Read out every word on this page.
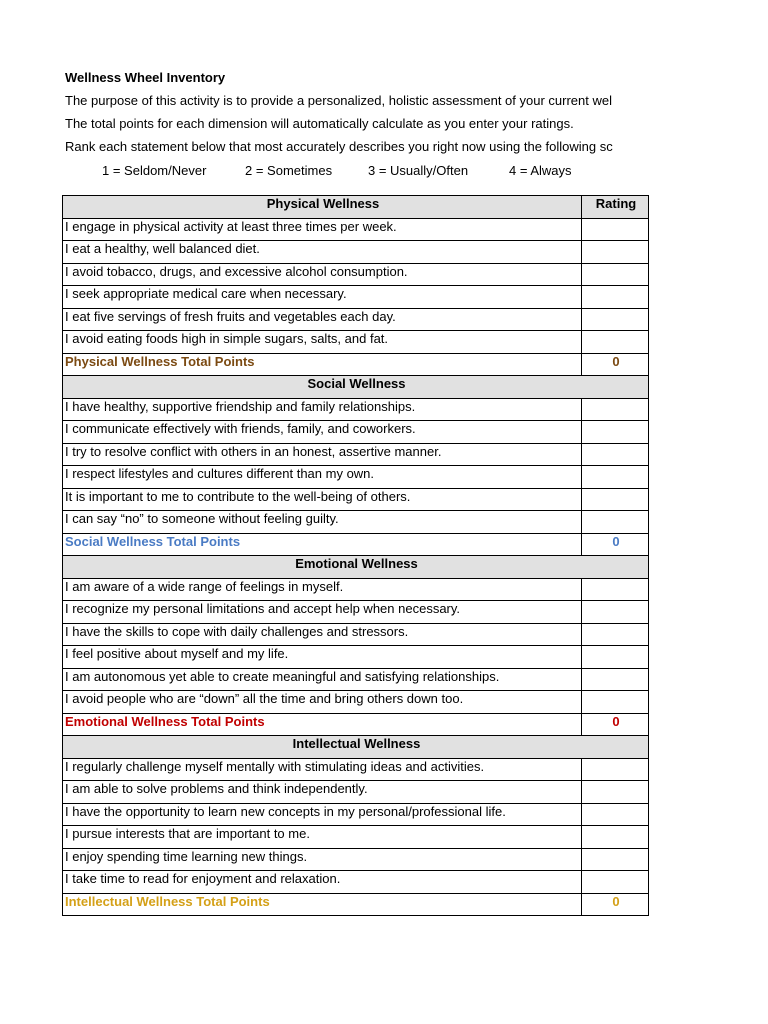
Wellness Wheel Inventory
The purpose of this activity is to provide a personalized, holistic assessment of your current wel
The total points for each dimension will automatically calculate as you enter your ratings.
Rank each statement below that most accurately describes you right now using the following sc
1 = Seldom/Never	2 = Sometimes	3 = Usually/Often	4 = Always
Physical Wellness	Rating
I engage in physical activity at least three times per week.	
I eat a healthy, well balanced diet.	
I avoid tobacco, drugs, and excessive alcohol consumption.	
I seek appropriate medical care when necessary.	
I eat five servings of fresh fruits and vegetables each day.	
I avoid eating foods high in simple sugars, salts, and fat.	
Physical Wellness Total Points	0
Social Wellness	
I have healthy, supportive friendship and family relationships.	
I communicate effectively with friends, family, and coworkers.	
I try to resolve conflict with others in an honest, assertive manner.	
I respect lifestyles and cultures different than my own.	
It is important to me to contribute to the well-being of others.	
I can say “no” to someone without feeling guilty.	
Social Wellness Total Points	0
Emotional Wellness	
I am aware of a wide range of feelings in myself.	
I recognize my personal limitations and accept help when necessary.	
I have the skills to cope with daily challenges and stressors.	
I feel positive about myself and my life.	
I am autonomous yet able to create meaningful and satisfying relationships.	
I avoid people who are “down” all the time and bring others down too.	
Emotional Wellness Total Points	0
Intellectual Wellness	
I regularly challenge myself mentally with stimulating ideas and activities.	
I am able to solve problems and think independently.	
I have the opportunity to learn new concepts in my personal/professional life.	
I pursue interests that are important to me.	
I enjoy spending time learning new things.	
I take time to read for enjoyment and relaxation.	
Intellectual Wellness Total Points	0
